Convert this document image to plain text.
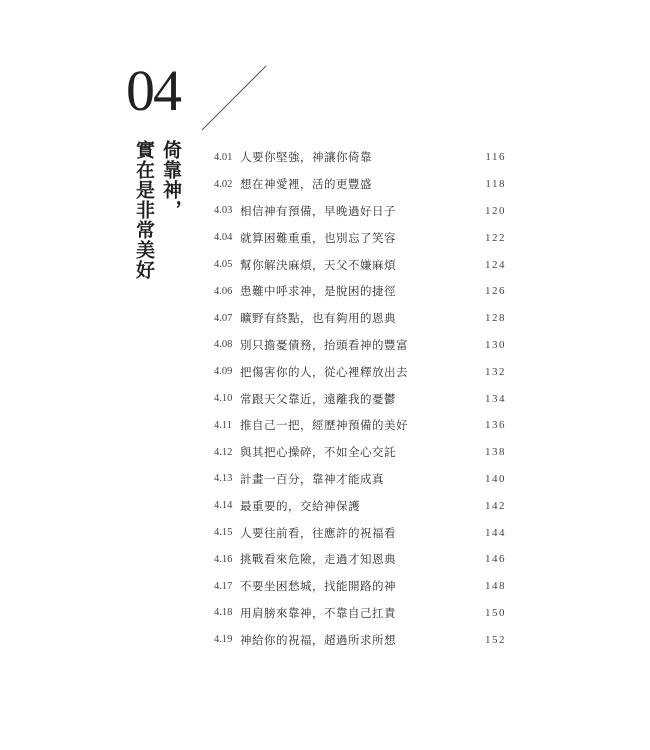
04
倚靠神，
實在是非常美好	4.01 人要你堅強，神讓你倚靠	116
4.02 想在神愛裡，活的更豐盛	118
4.03 相信神有預備，早晚過好日子	120
4.04 就算困難重重，也別忘了笑容	122
4.05 幫你解決麻煩，天父不嫌麻煩	124
4.06 患難中呼求神，是脫困的捷徑	126
4.07 曠野有終點，也有夠用的恩典	128
4.08 別只擔憂債務，抬頭看神的豐富	130
4.09 把傷害你的人，從心裡釋放出去	132
4.10 常跟天父靠近，遠離我的憂鬱	134
4.11 推自己一把，經歷神預備的美好	136
4.12 與其把心操碎，不如全心交託	138
4.13 計畫一百分，靠神才能成真	140
4.14 最重要的，交給神保護	142
4.15 人要往前看，往應許的祝福看	144
4.16 挑戰看來危險，走過才知恩典	146
4.17 不要坐困愁城，找能開路的神	148
4.18 用肩膀來靠神，不靠自己扛責	150
4.19 神給你的祝福，超過所求所想	152
